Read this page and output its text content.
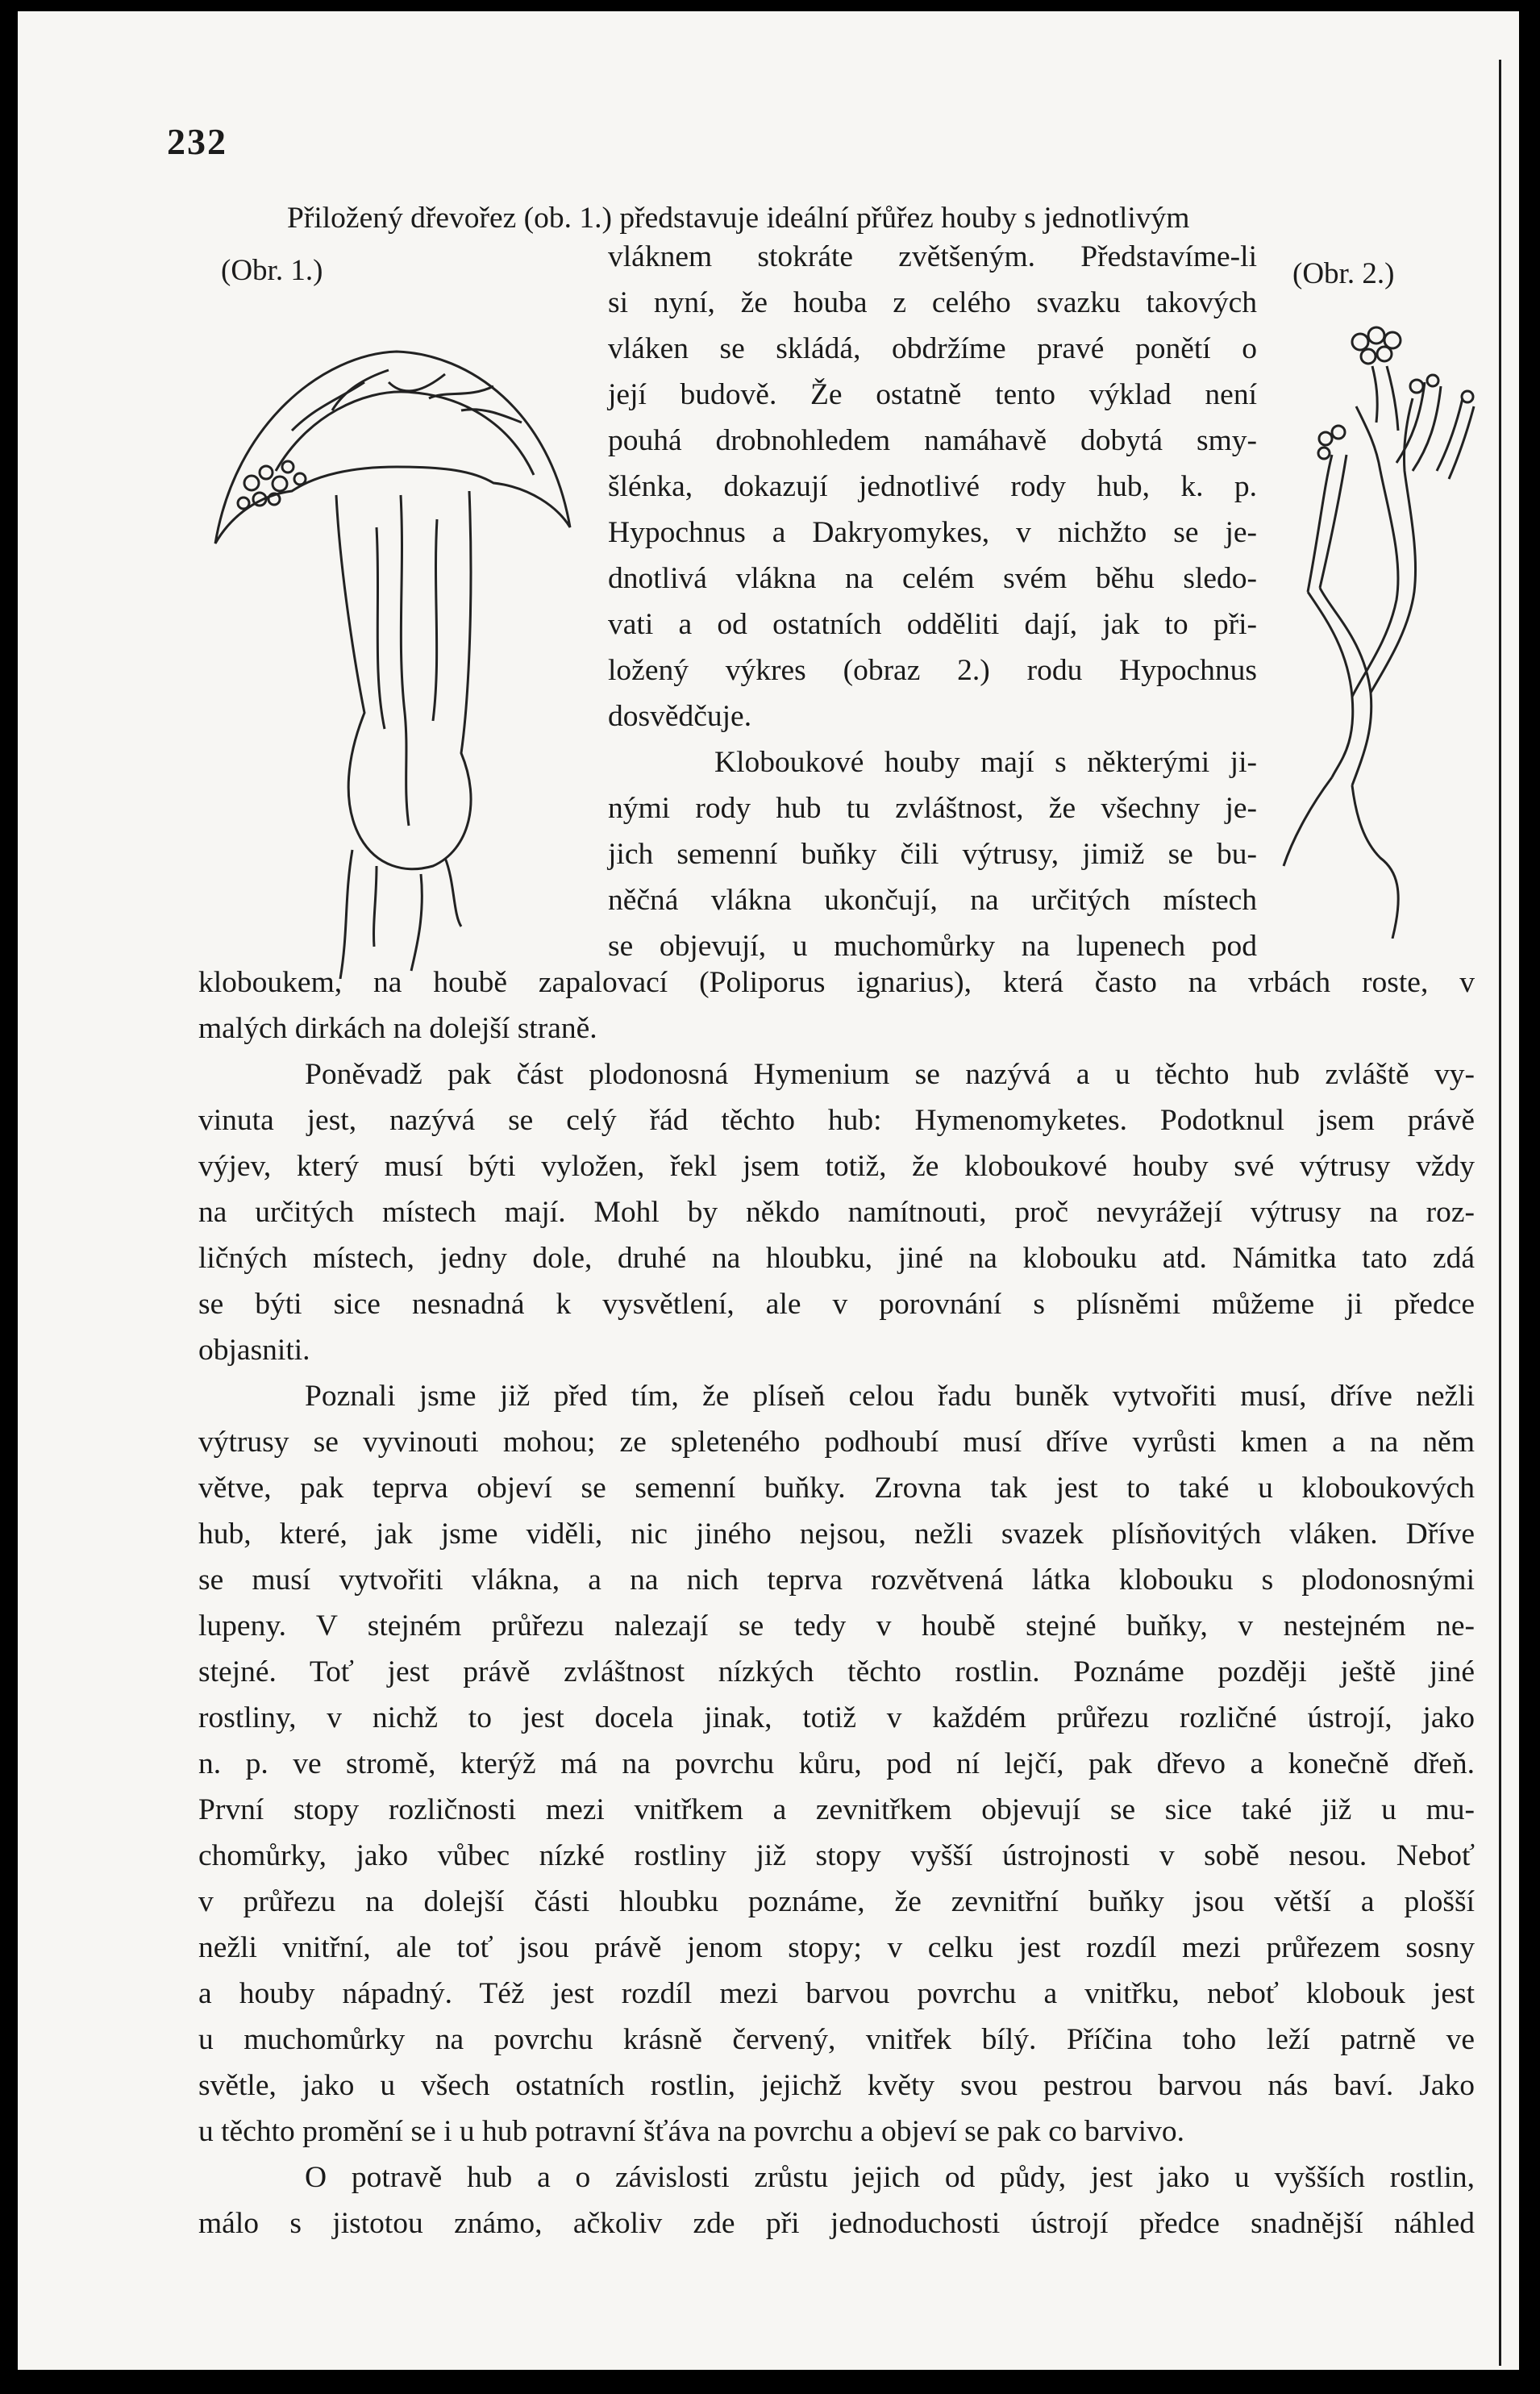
232
Přiložený dřevořez (ob. 1.) představuje ideální přůřez houby s jednotlivým
(Obr. 1.)	vláknem stokráte zvětšeným. Představíme-li
si nyní, že houba z celého svazku takových
vláken se skládá, obdržíme pravé ponětí o
její budově. Že ostatně tento výklad není
pouhá drobnohledem namáhavě dobytá smy-
šlénka, dokazují jednotlivé rody hub, k. p.
Hypochnus a Dakryomykes, v nichžto se je-
dnotlivá vlákna na celém svém běhu sledo-
vati a od ostatních odděliti dají, jak to při-
ložený výkres (obraz 2.) rodu Hypochnus
dosvědčuje.

Kloboukové houby mají s některými ji-
nými rody hub tu zvláštnost, že všechny je-
jich semenní buňky čili výtrusy, jimiž se bu-
něčná vlákna ukončují, na určitých místech
se objevují, u muchomůrky na lupenech pod

(Obr. 2.)

kloboukem, na houbě zapalovací (Poliporus ignarius), která často na vrbách roste, v
malých dirkách na dolejší straně.

Poněvadž pak část plodonosná Hymenium se nazývá a u těchto hub zvláště vy-
vinuta jest, nazývá se celý řád těchto hub: Hymenomyketes. Podotknul jsem právě
výjev, který musí býti vyložen, řekl jsem totiž, že kloboukové houby své výtrusy vždy
na určitých místech mají. Mohl by někdo namítnouti, proč nevyrážejí výtrusy na roz-
ličných místech, jedny dole, druhé na hloubku, jiné na klobouku atd. Námitka tato zdá
se býti sice nesnadná k vysvětlení, ale v porovnání s plísněmi můžeme ji předce
objasniti.

Poznali jsme již před tím, že plíseň celou řadu buněk vytvořiti musí, dříve nežli
výtrusy se vyvinouti mohou; ze spleteného podhoubí musí dříve vyrůsti kmen a na něm
větve, pak teprva objeví se semenní buňky. Zrovna tak jest to také u kloboukových
hub, které, jak jsme viděli, nic jiného nejsou, nežli svazek plísňovitých vláken. Dříve
se musí vytvořiti vlákna, a na nich teprva rozvětvená látka klobouku s plodonosnými
lupeny. V stejném průřezu nalezají se tedy v houbě stejné buňky, v nestejném ne-
stejné. Toť jest právě zvláštnost nízkých těchto rostlin. Poznáme později ještě jiné
rostliny, v nichž to jest docela jinak, totiž v každém průřezu rozličné ústrojí, jako
n. p. ve stromě, kterýž má na povrchu kůru, pod ní lejčí, pak dřevo a konečně dřeň.
První stopy rozličnosti mezi vnitřkem a zevnitřkem objevují se sice také již u mu-
chomůrky, jako vůbec nízké rostliny již stopy vyšší ústrojnosti v sobě nesou. Neboť
v průřezu na dolejší části hloubku poznáme, že zevnitřní buňky jsou větší a plošší
nežli vnitřní, ale toť jsou právě jenom stopy; v celku jest rozdíl mezi průřezem sosny
a houby nápadný. Též jest rozdíl mezi barvou povrchu a vnitřku, neboť klobouk jest
u muchomůrky na povrchu krásně červený, vnitřek bílý. Příčina toho leží patrně ve
světle, jako u všech ostatních rostlin, jejichž květy svou pestrou barvou nás baví. Jako
u těchto promění se i u hub potravní šťáva na povrchu a objeví se pak co barvivo.

O potravě hub a o závislosti zrůstu jejich od půdy, jest jako u vyšších rostlin,
málo s jistotou známo, ačkoliv zde při jednoduchosti ústrojí předce snadnější náhled
